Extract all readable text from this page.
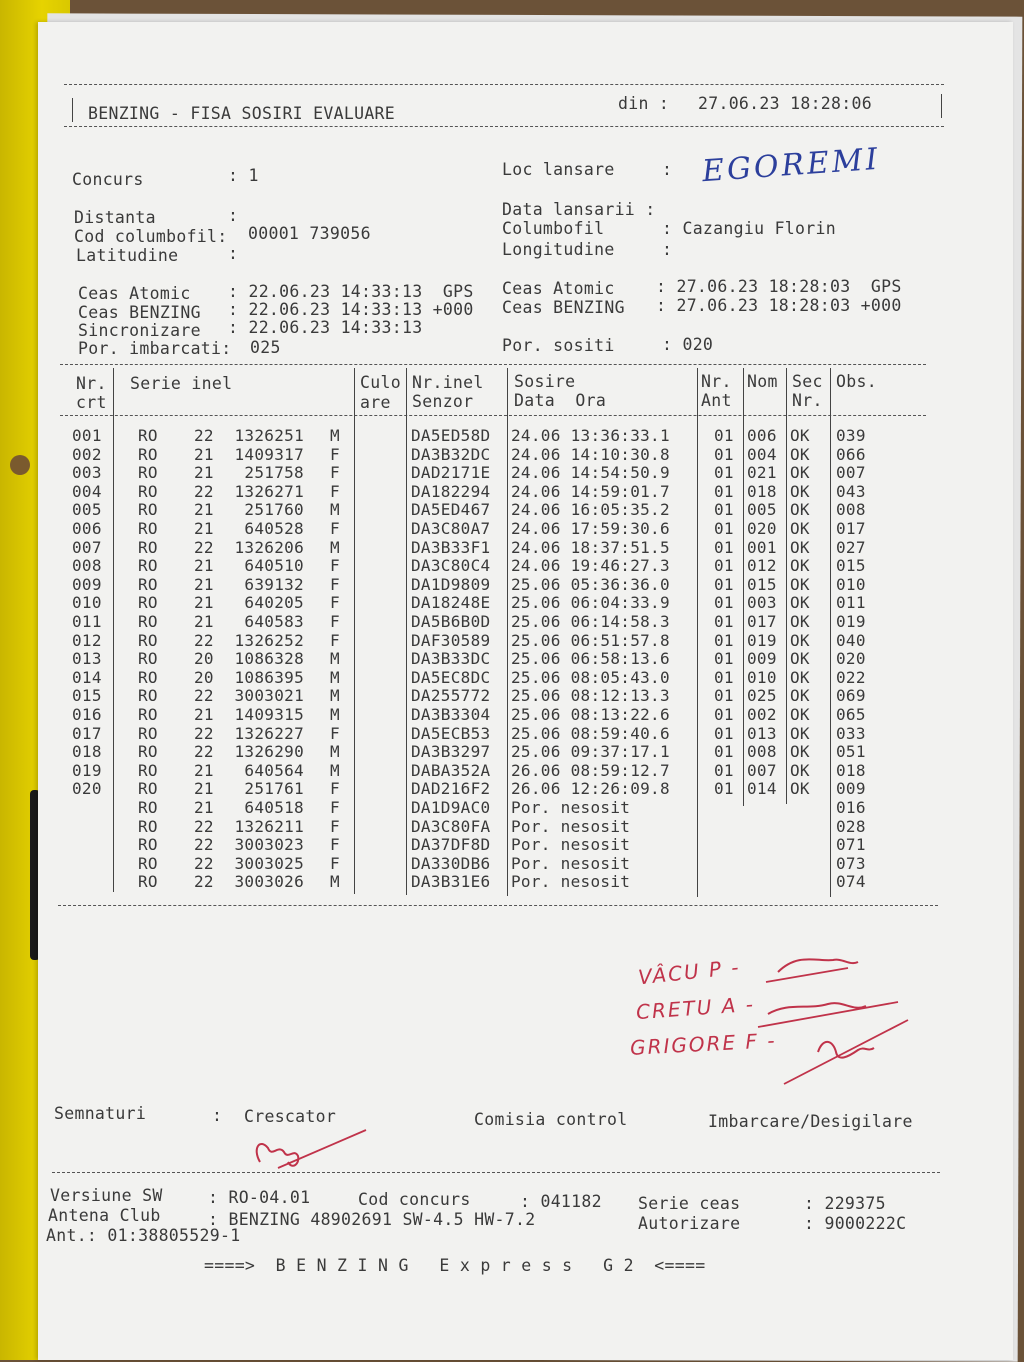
BENZING - FISA SOSIRI EVALUARE
din : 27.06.23 18:28:06
Concurs	: 1	Loc lansare	: EGOREMI
Distanta	:	Data lansarii :
Cod columbofil: 00001 739056	Columbofil	: Cazangiu Florin
Latitudine	:	Longitudine	:
Ceas Atomic : 22.06.23 14:33:13  GPS
Ceas BENZING : 22.06.23 14:33:13 +000
Sincronizare : 22.06.23 14:33:13
Por. imbarcati: 025
Ceas Atomic	: 27.06.23 18:28:03  GPS
Ceas BENZING : 27.06.23 18:28:03 +000
Por. sositi	: 020
Nr.
crt
Serie inel	Culo
are
Nr.inel
Senzor
Sosire
Data  Ora
Nr.
Ant
Nom Sec
Nr.
Obs.
001 RO 22	1326251 M	DA5ED58D 24.06 13:36:33.1	01 006 OK 039
002 RO 21	1409317 F	DA3B32DC 24.06 14:10:30.8	01 004 OK 066
003 RO 21	251758 F	DAD2171E 24.06 14:54:50.9	01 021 OK 007
004 RO 22	1326271 F	DA182294 24.06 14:59:01.7	01 018 OK 043
005 RO 21	251760 M	DA5ED467 24.06 16:05:35.2	01 005 OK 008
006 RO 21	640528 F	DA3C80A7 24.06 17:59:30.6	01 020 OK 017
007 RO 22	1326206 M	DA3B33F1 24.06 18:37:51.5	01 001 OK 027
008 RO 21	640510 F	DA3C80C4 24.06 19:46:27.3	01 012 OK 015
009 RO 21	639132 F	DA1D9809 25.06 05:36:36.0	01 015 OK 010
010 RO 21	640205 F	DA18248E 25.06 06:04:33.9	01 003 OK 011
011 RO 21	640583 F	DA5B6B0D 25.06 06:14:58.3	01 017 OK 019
012 RO 22	1326252 F	DAF30589 25.06 06:51:57.8	01 019 OK 040
013 RO 20	1086328 M	DA3B33DC 25.06 06:58:13.6	01 009 OK 020
014 RO 20	1086395 M	DA5EC8DC 25.06 08:05:43.0	01 010 OK 022
015 RO 22	3003021 M	DA255772 25.06 08:12:13.3	01 025 OK 069
016 RO 21	1409315 M	DA3B3304 25.06 08:13:22.6	01 002 OK 065
017 RO 22	1326227 F	DA5ECB53 25.06 08:59:40.6	01 013 OK 033
018 RO 22	1326290 M	DA3B3297 25.06 09:37:17.1	01 008 OK 051
019 RO 21	640564 M	DABA352A 26.06 08:59:12.7	01 007 OK 018
020 RO 21	251761 F	DAD216F2 26.06 12:26:09.8	01 014 OK 009
RO 21	640518 F	DA1D9AC0 Por. nesosit	016
RO 22	1326211 F	DA3C80FA Por. nesosit	028
RO 22	3003023 F	DA37DF8D Por. nesosit	071
RO 22	3003025 F	DA330DB6 Por. nesosit	073
RO 22	3003026 M	DA3B31E6 Por. nesosit	074
VÂCU P -
CRETU A -
GRIGORE F -
Semnaturi	: Crescator	Comisia control	Imbarcare/Desigilare
Versiune SW	: RO-04.01	Cod concurs	: 041182 Serie ceas	: 229375
Antena Club	: BENZING 48902691 SW-4.5 HW-7.2	Autorizare	: 9000222C
Ant.: 01:38805529-1
====>  B E N Z I N G   E x p r e s s   G 2  <====
